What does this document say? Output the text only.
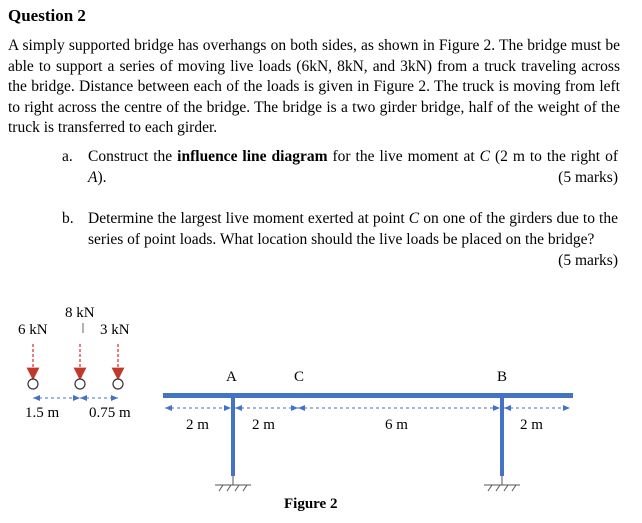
Question 2
A simply supported bridge has overhangs on both sides, as shown in Figure 2. The bridge must be able to support a series of moving live loads (6kN, 8kN, and 3kN) from a truck traveling across the bridge. Distance between each of the loads is given in Figure 2. The truck is moving from left to right across the centre of the bridge. The bridge is a two girder bridge, half of the weight of the truck is transferred to each girder.
a. Construct the influence line diagram for the live moment at C (2 m to the right of A).	(5 marks)
b. Determine the largest live moment exerted at point C on one of the girders due to the series of point loads. What location should the live loads be placed on the bridge?
(5 marks)
6 kN
8 kN
3 kN
1.5 m 0.75 m
A	C	B
2 m	2 m	6 m	2 m
Figure 2
